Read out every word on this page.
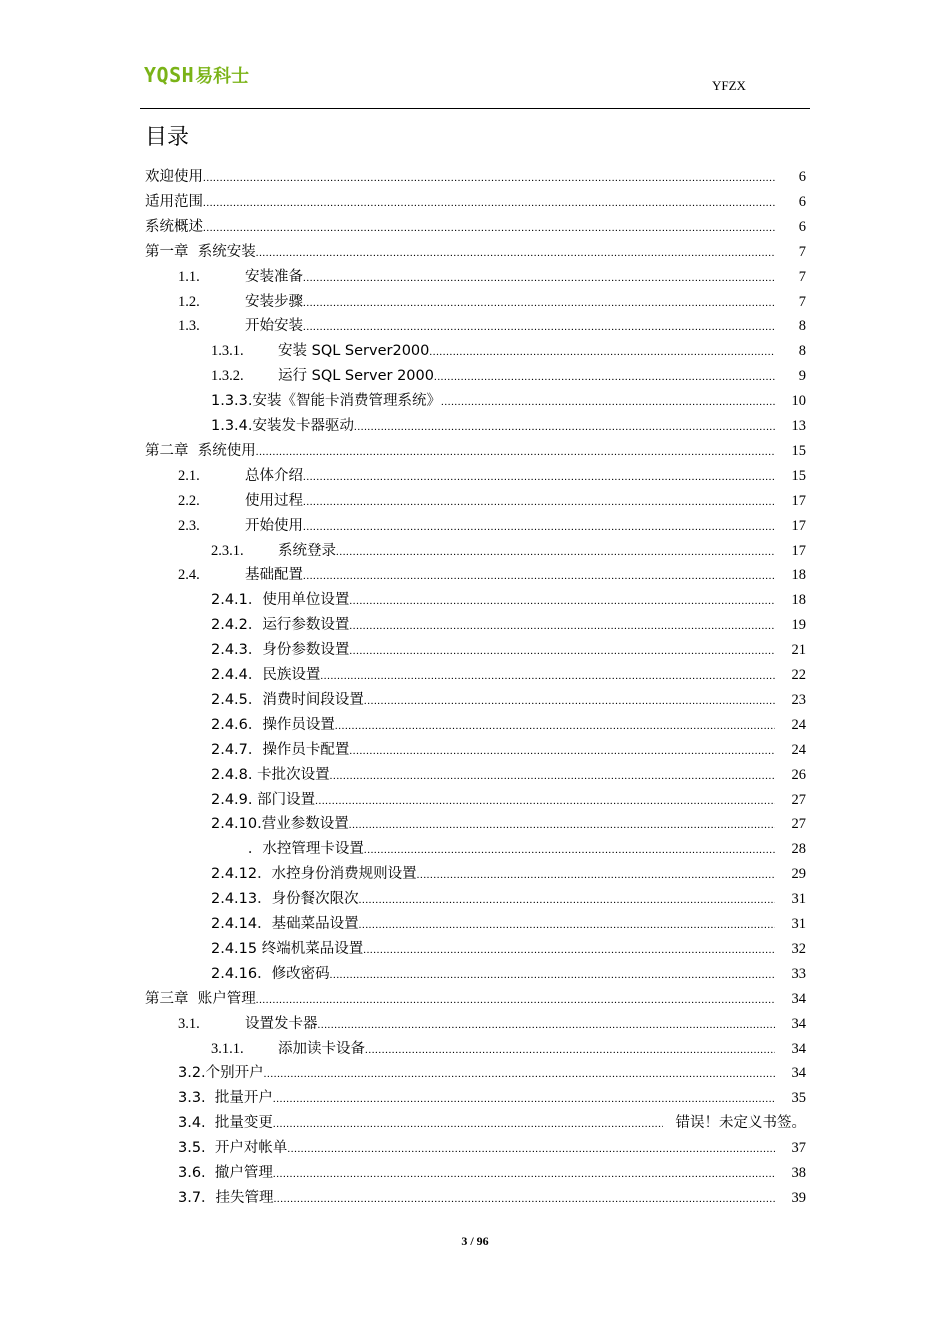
YQSH 易科士	YFZX
目录
欢迎使用 .....	6
适用范围 .....	6
系统概述 .....	6
第一章  系统安装 .....	7
1.1.	安装准备 .....	7
1.2.	安装步骤 .....	7
1.3.	开始安装 .....	8
1.3.1.	安装 SQL Server2000 .....	8
1.3.2.	运行 SQL Server 2000 .....	9
1.3.3.安装《智能卡消费管理系统》 .....	10
1.3.4.安装发卡器驱动 .....	13
第二章  系统使用 .....	15
2.1.	总体介绍 .....	15
2.2.	使用过程 .....	17
2.3.	开始使用 .....	17
2.3.1.	系统登录 .....	17
2.4.	基础配置 .....	18
2.4.1．使用单位设置 .....	18
2.4.2．运行参数设置 .....	19
2.4.3．身份参数设置 .....	21
2.4.4．民族设置 .....	22
2.4.5．消费时间段设置 .....	23
2.4.6．操作员设置 .....	24
2.4.7．操作员卡配置 .....	24
2.4.8. 卡批次设置 .....	26
2.4.9. 部门设置 .....	27
2.4.10.营业参数设置 .....	27
．水控管理卡设置 .....	28
2.4.12．水控身份消费规则设置 .....	29
2.4.13．身份餐次限次 .....	31
2.4.14．基础菜品设置 .....	31
2.4.15 终端机菜品设置 .....	32
2.4.16．修改密码 .....	33
第三章  账户管理 .....	34
3.1.	设置发卡器 .....	34
3.1.1.	添加读卡设备 .....	34
3.2.个别开户 .....	34
3.3.  批量开户 .....	35
3.4.  批量变更 .....	错误！未定义书签。
3.5.  开户对帐单 .....	37
3.6.  撤户管理 .....	38
3.7．挂失管理 .....	39
3 / 96
